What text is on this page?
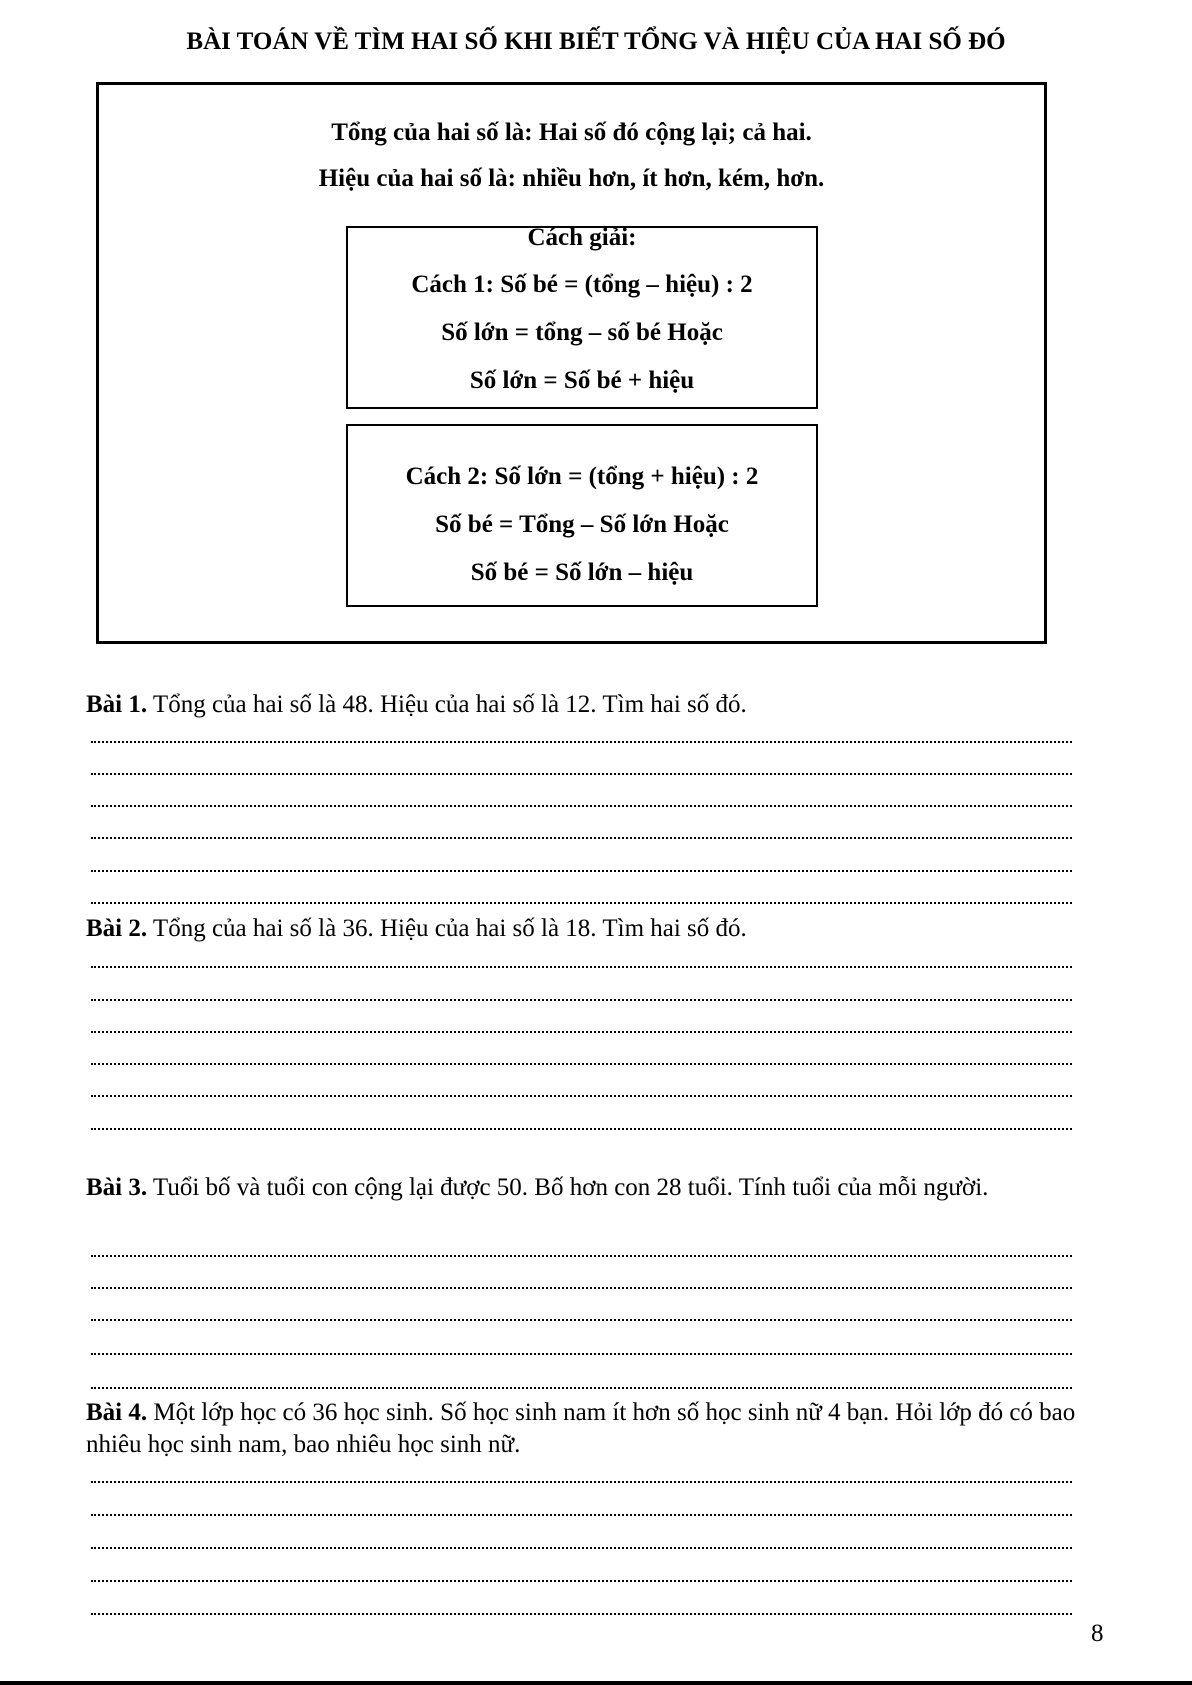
BÀI TOÁN VỀ TÌM HAI SỐ KHI BIẾT TỔNG VÀ HIỆU CỦA HAI SỐ ĐÓ
Tổng của hai số là: Hai số đó cộng lại; cả hai.
Hiệu của hai số là: nhiều hơn, ít hơn, kém, hơn.
Cách giải:
Cách 1: Số bé = (tổng – hiệu) : 2
Số lớn = tổng – số bé Hoặc
Số lớn = Số bé + hiệu
Cách 2: Số lớn = (tổng + hiệu) : 2
Số bé = Tổng – Số lớn Hoặc
Số bé = Số lớn – hiệu
Bài 1. Tổng của hai số là 48. Hiệu của hai số là 12. Tìm hai số đó.
Bài 2. Tổng của hai số là 36. Hiệu của hai số là 18. Tìm hai số đó.
Bài 3. Tuổi bố và tuổi con cộng lại được 50. Bố hơn con 28 tuổi. Tính tuổi của mỗi người.
Bài 4. Một lớp học có 36 học sinh. Số học sinh nam ít hơn số học sinh nữ 4 bạn. Hỏi lớp đó có bao nhiêu học sinh nam, bao nhiêu học sinh nữ.
8
